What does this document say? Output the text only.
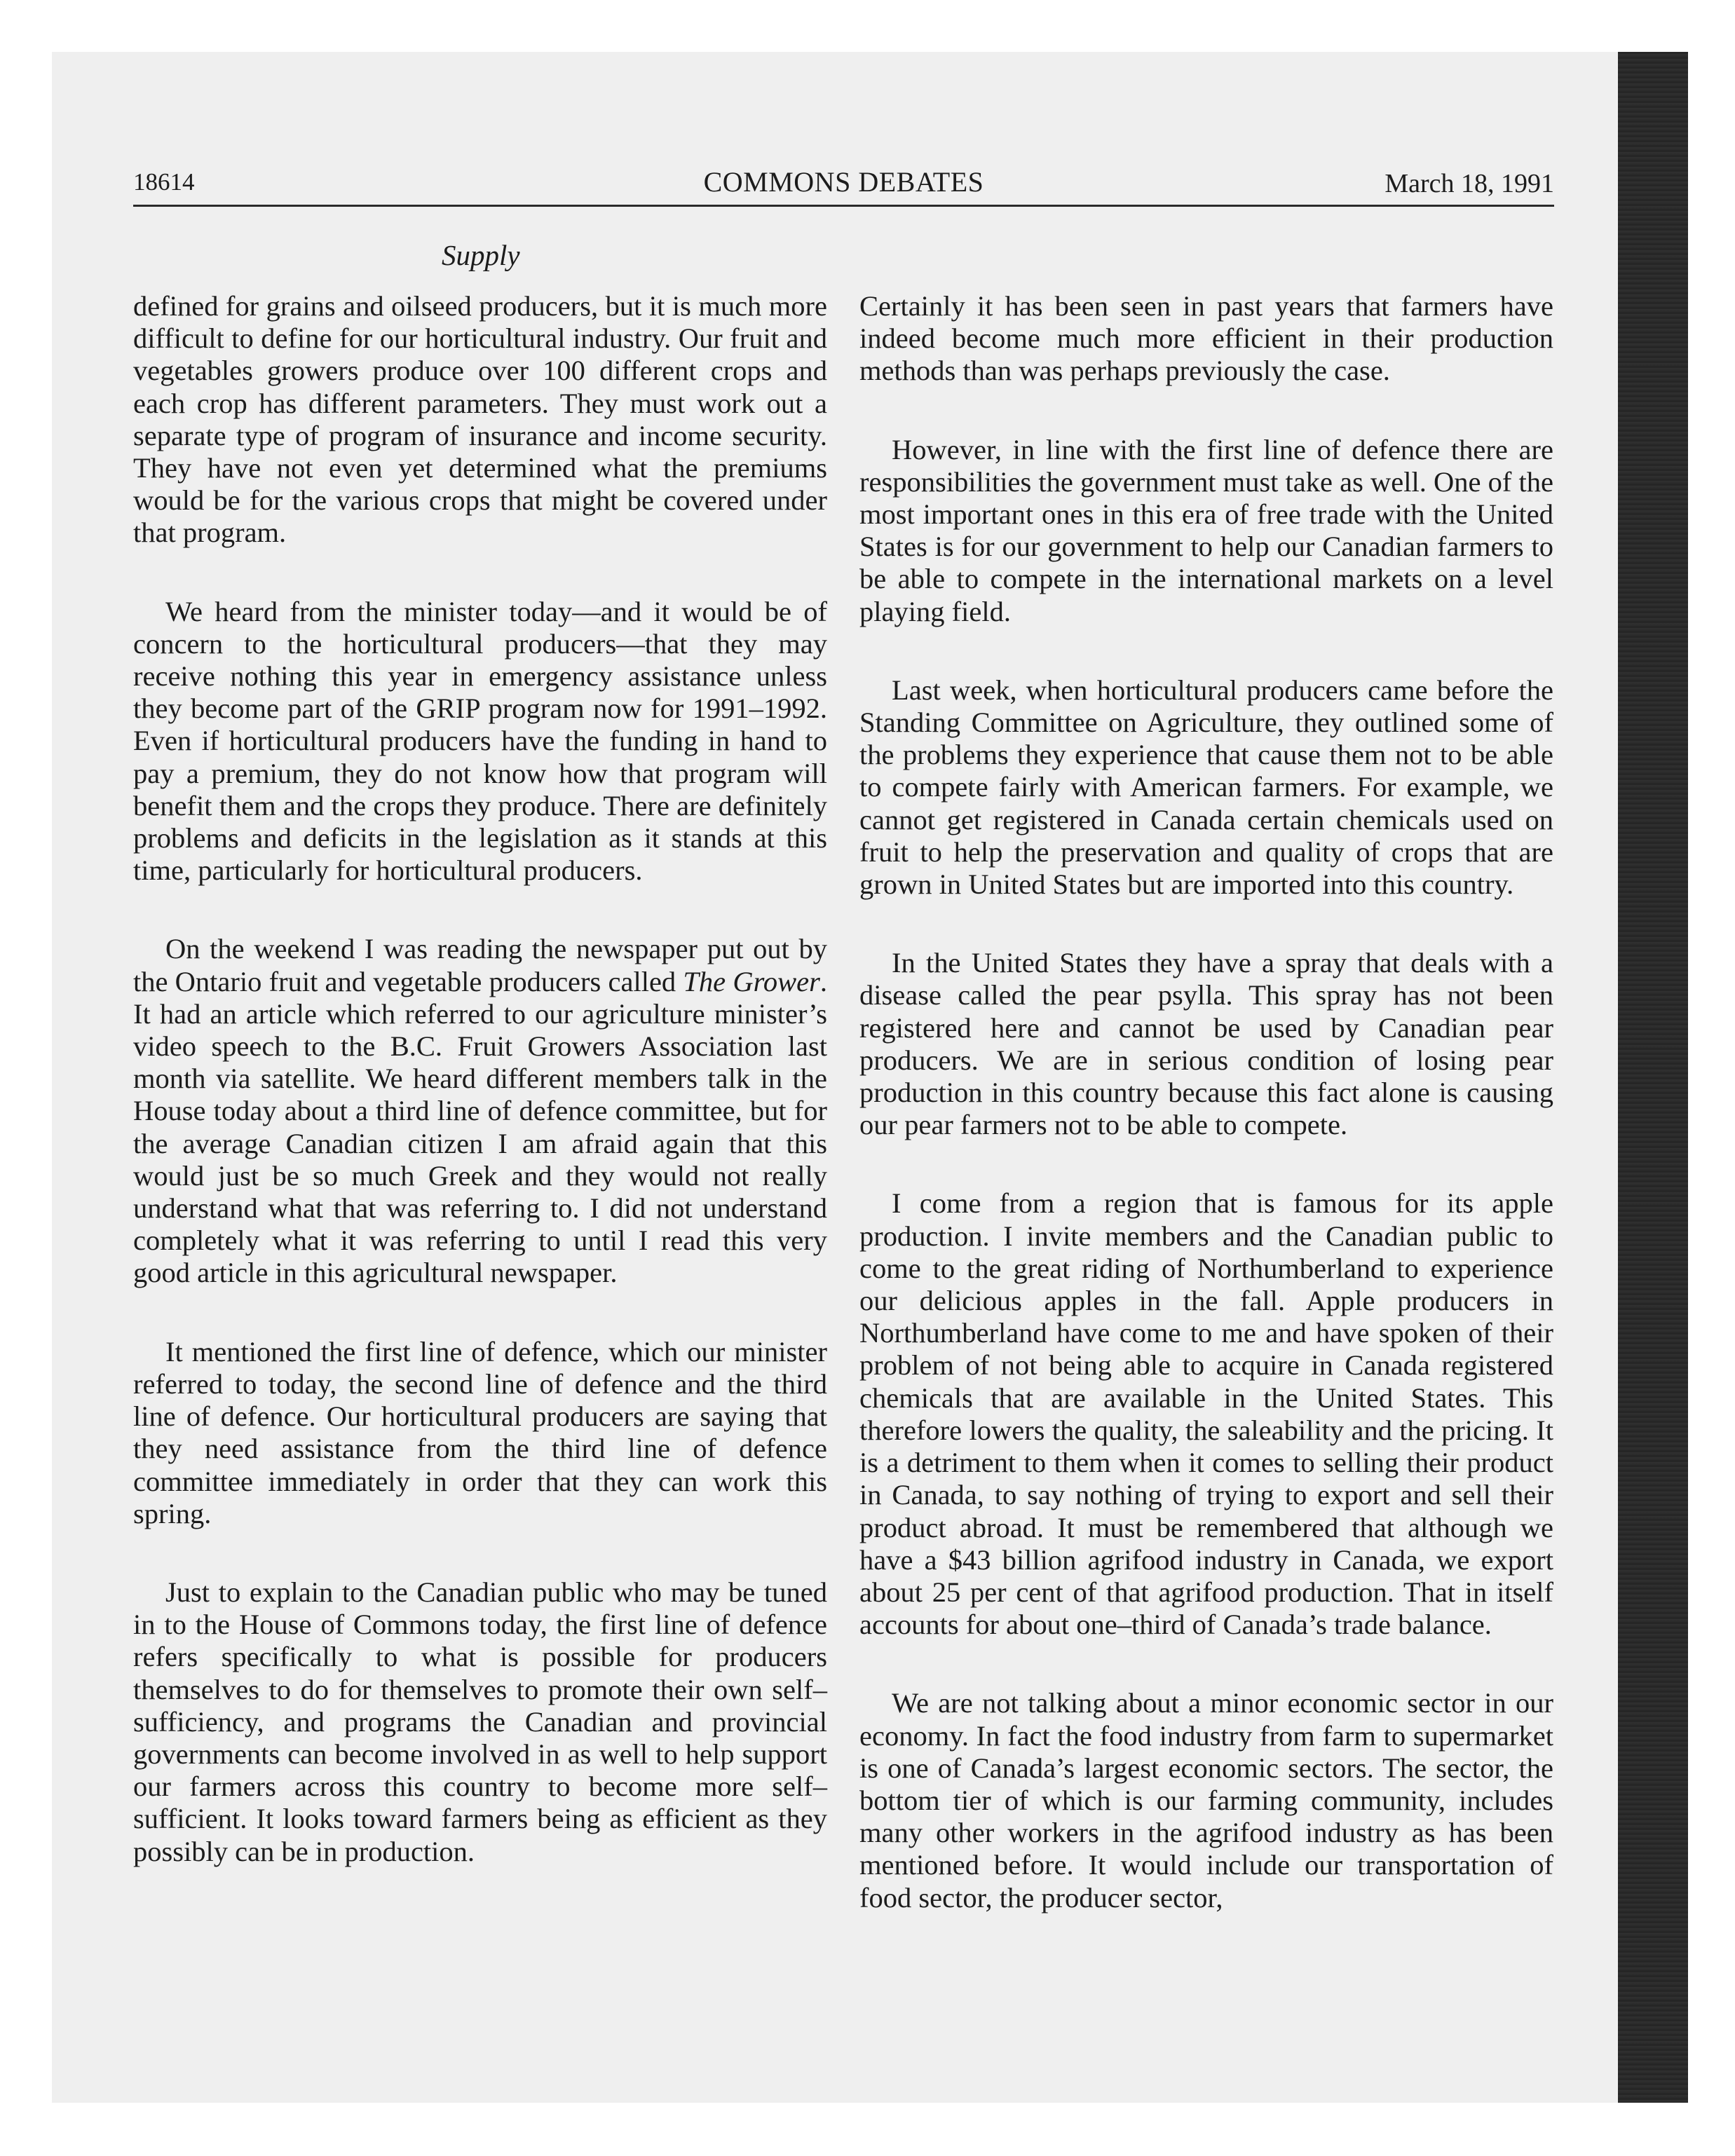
18614	COMMONS DEBATES	March 18, 1991
Supply

defined for grains and oilseed producers, but it is much more difficult to define for our horticultural industry. Our fruit and vegetables growers produce over 100 different crops and each crop has different parameters. They must work out a separate type of program of insurance and income security. They have not even yet determined what the premiums would be for the various crops that might be covered under that program.

We heard from the minister today—and it would be of concern to the horticultural producers—that they may receive nothing this year in emergency assistance unless they become part of the GRIP program now for 1991–1992. Even if horticultural producers have the funding in hand to pay a premium, they do not know how that program will benefit them and the crops they produce. There are definitely problems and deficits in the legislation as it stands at this time, particularly for horticultural producers.

On the weekend I was reading the newspaper put out by the Ontario fruit and vegetable producers called The Grower. It had an article which referred to our agriculture minister’s video speech to the B.C. Fruit Growers Association last month via satellite. We heard different members talk in the House today about a third line of defence committee, but for the average Canadian citizen I am afraid again that this would just be so much Greek and they would not really understand what that was referring to. I did not understand completely what it was referring to until I read this very good article in this agricultural newspaper.

It mentioned the first line of defence, which our minister referred to today, the second line of defence and the third line of defence. Our horticultural producers are saying that they need assistance from the third line of defence committee immediately in order that they can work this spring.

Just to explain to the Canadian public who may be tuned in to the House of Commons today, the first line of defence refers specifically to what is possible for producers themselves to do for themselves to promote their own self–sufficiency, and programs the Canadian and provincial governments can become involved in as well to help support our farmers across this country to become more self–sufficient. It looks toward farmers being as efficient as they possibly can be in production.

Certainly it has been seen in past years that farmers have indeed become much more efficient in their production methods than was perhaps previously the case.

However, in line with the first line of defence there are responsibilities the government must take as well. One of the most important ones in this era of free trade with the United States is for our government to help our Canadian farmers to be able to compete in the international markets on a level playing field.

Last week, when horticultural producers came before the Standing Committee on Agriculture, they outlined some of the problems they experience that cause them not to be able to compete fairly with American farmers. For example, we cannot get registered in Canada certain chemicals used on fruit to help the preservation and quality of crops that are grown in United States but are imported into this country.

In the United States they have a spray that deals with a disease called the pear psylla. This spray has not been registered here and cannot be used by Canadian pear producers. We are in serious condition of losing pear production in this country because this fact alone is causing our pear farmers not to be able to compete.

I come from a region that is famous for its apple production. I invite members and the Canadian public to come to the great riding of Northumberland to experience our delicious apples in the fall. Apple producers in Northumberland have come to me and have spoken of their problem of not being able to acquire in Canada registered chemicals that are available in the United States. This therefore lowers the quality, the saleability and the pricing. It is a detriment to them when it comes to selling their product in Canada, to say nothing of trying to export and sell their product abroad. It must be remembered that although we have a $43 billion agrifood industry in Canada, we export about 25 per cent of that agrifood production. That in itself accounts for about one–third of Canada’s trade balance.

We are not talking about a minor economic sector in our economy. In fact the food industry from farm to supermarket is one of Canada’s largest economic sectors. The sector, the bottom tier of which is our farming community, includes many other workers in the agrifood industry as has been mentioned before. It would include our transportation of food sector, the producer sector,
